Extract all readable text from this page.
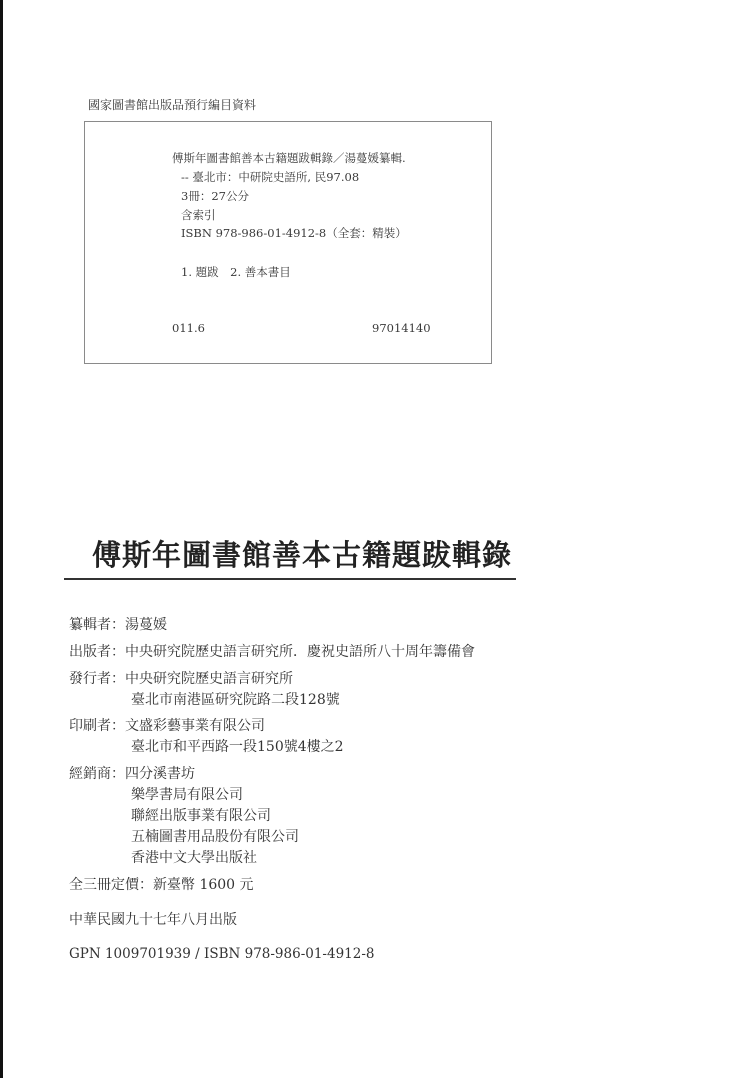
國家圖書館出版品預行編目資料
傅斯年圖書館善本古籍題跋輯錄／湯蔓媛纂輯.
-- 臺北市：中研院史語所, 民97.08
3冊：27公分
含索引
ISBN 978-986-01-4912-8（全套：精裝）
1. 題跋　2. 善本書目
011.6	97014140
傅斯年圖書館善本古籍題跋輯錄
纂輯者：湯蔓媛
出版者：中央研究院歷史語言研究所．慶祝史語所八十周年籌備會
發行者：中央研究院歷史語言研究所
臺北市南港區研究院路二段128號
印刷者：文盛彩藝事業有限公司
臺北市和平西路一段150號4樓之2
經銷商：四分溪書坊
樂學書局有限公司
聯經出版事業有限公司
五楠圖書用品股份有限公司
香港中文大學出版社
全三冊定價：新臺幣 1600 元
中華民國九十七年八月出版
GPN 1009701939 / ISBN 978-986-01-4912-8
